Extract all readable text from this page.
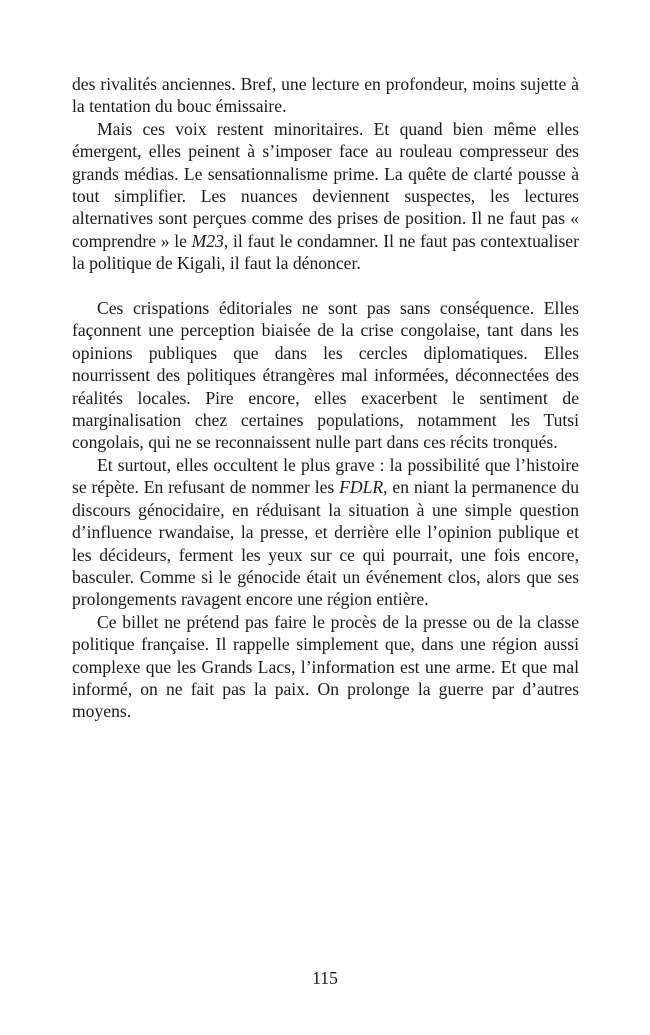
des rivalités anciennes. Bref, une lecture en profondeur, moins sujette à la tentation du bouc émissaire.

Mais ces voix restent minoritaires. Et quand bien même elles émergent, elles peinent à s’imposer face au rouleau compresseur des grands médias. Le sensationnalisme prime. La quête de clarté pousse à tout simplifier. Les nuances deviennent suspectes, les lectures alternatives sont perçues comme des prises de position. Il ne faut pas « comprendre » le M23, il faut le condamner. Il ne faut pas contextualiser la politique de Kigali, il faut la dénoncer.

Ces crispations éditoriales ne sont pas sans conséquence. Elles façonnent une perception biaisée de la crise congolaise, tant dans les opinions publiques que dans les cercles diplomatiques. Elles nourrissent des politiques étrangères mal informées, déconnectées des réalités locales. Pire encore, elles exacerbent le sentiment de marginalisation chez certaines populations, notamment les Tutsi congolais, qui ne se reconnaissent nulle part dans ces récits tronqués.

Et surtout, elles occultent le plus grave : la possibilité que l’histoire se répète. En refusant de nommer les FDLR, en niant la permanence du discours génocidaire, en réduisant la situation à une simple question d’influence rwandaise, la presse, et derrière elle l’opinion publique et les décideurs, ferment les yeux sur ce qui pourrait, une fois encore, basculer. Comme si le génocide était un événement clos, alors que ses prolongements ravagent encore une région entière.

Ce billet ne prétend pas faire le procès de la presse ou de la classe politique française. Il rappelle simplement que, dans une région aussi complexe que les Grands Lacs, l’information est une arme. Et que mal informé, on ne fait pas la paix. On prolonge la guerre par d’autres moyens.

115
